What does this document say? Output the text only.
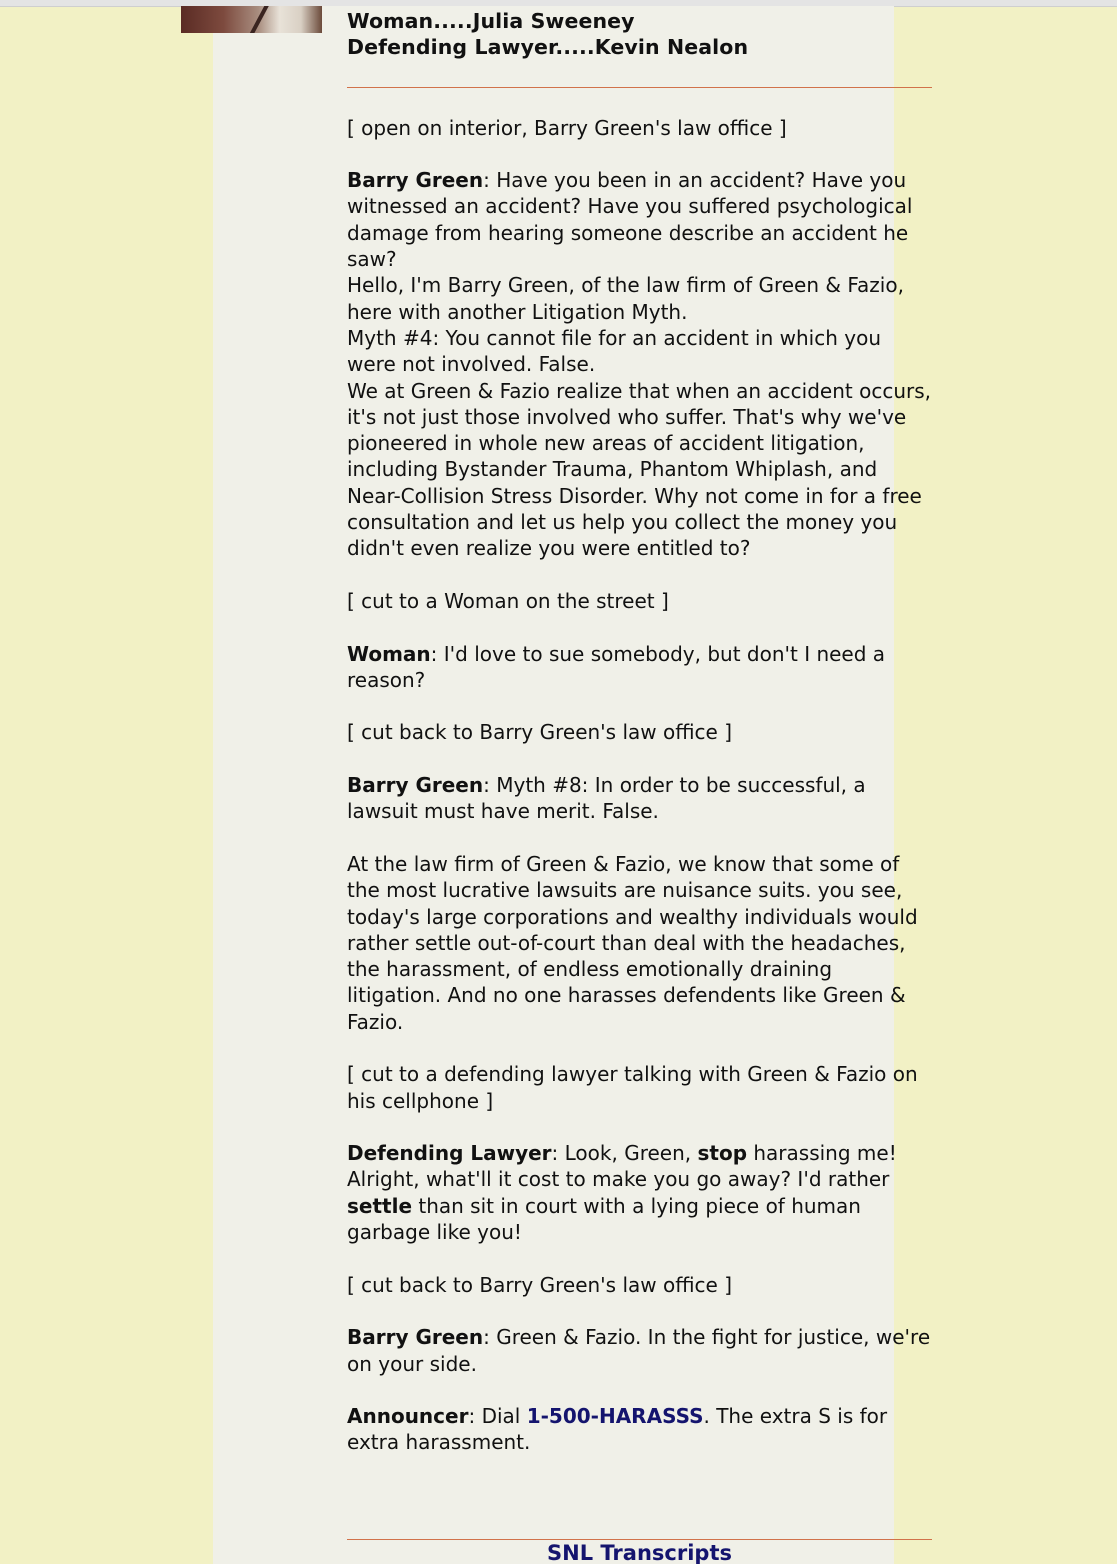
Woman.....Julia Sweeney
Defending Lawyer.....Kevin Nealon
[ open on interior, Barry Green's law office ]
Barry Green: Have you been in an accident? Have you witnessed an accident? Have you suffered psychological damage from hearing someone describe an accident he saw?
Hello, I'm Barry Green, of the law firm of Green & Fazio, here with another Litigation Myth.
Myth #4: You cannot file for an accident in which you were not involved. False.
We at Green & Fazio realize that when an accident occurs, it's not just those involved who suffer. That's why we've pioneered in whole new areas of accident litigation, including Bystander Trauma, Phantom Whiplash, and Near-Collision Stress Disorder. Why not come in for a free consultation and let us help you collect the money you didn't even realize you were entitled to?
[ cut to a Woman on the street ]
Woman: I'd love to sue somebody, but don't I need a reason?
[ cut back to Barry Green's law office ]
Barry Green: Myth #8: In order to be successful, a lawsuit must have merit. False.
At the law firm of Green & Fazio, we know that some of the most lucrative lawsuits are nuisance suits. you see, today's large corporations and wealthy individuals would rather settle out-of-court than deal with the headaches, the harassment, of endless emotionally draining litigation. And no one harasses defendents like Green & Fazio.
[ cut to a defending lawyer talking with Green & Fazio on his cellphone ]
Defending Lawyer: Look, Green, stop harassing me! Alright, what'll it cost to make you go away? I'd rather settle than sit in court with a lying piece of human garbage like you!
[ cut back to Barry Green's law office ]
Barry Green: Green & Fazio. In the fight for justice, we're on your side.
Announcer: Dial 1-500-HARASSS. The extra S is for extra harassment.
SNL Transcripts
